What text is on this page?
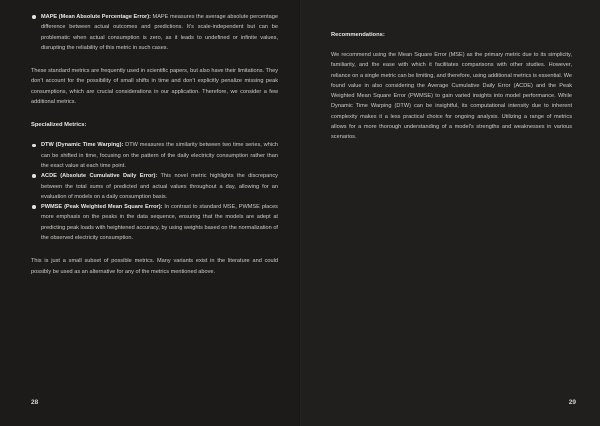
MAPE (Mean Absolute Percentage Error): MAPE measures the average absolute percentage difference between actual outcomes and predictions. It’s scale-independent but can be problematic when actual consumption is zero, as it leads to undefined or infinite values, disrupting the reliability of this metric in such cases.

These standard metrics are frequently used in scientific papers, but also have their limitations. They don’t account for the possibility of small shifts in time and don’t explicitly penalize missing peak consumptions, which are crucial considerations in our application. Therefore, we consider a few additional metrics.

Specialized Metrics:
DTW (Dynamic Time Warping): DTW measures the similarity between two time series, which can be shifted in time, focusing on the pattern of the daily electricity consumption rather than the exact value at each time point.
ACDE (Absolute Cumulative Daily Error): This novel metric highlights the discrepancy between the total sums of predicted and actual values throughout a day, allowing for an evaluation of models on a daily consumption basis.
PWMSE (Peak Weighted Mean Square Error): In contrast to standard MSE, PWMSE places more emphasis on the peaks in the data sequence, ensuring that the models are adept at predicting peak loads with heightened accuracy, by using weights based on the normalization of the observed electricity consumption.

This is just a small subset of possible metrics. Many variants exist in the literature and could possibly be used as an alternative for any of the metrics mentioned above.

28
Recommendations:

We recommend using the Mean Square Error (MSE) as the primary metric due to its simplicity, familiarity, and the ease with which it facilitates comparisons with other studies. However, reliance on a single metric can be limiting, and therefore, using additional metrics is essential. We found value in also considering the Average Cumulative Daily Error (ACDE) and the Peak Weighted Mean Square Error (PWMSE) to gain varied insights into model performance. While Dynamic Time Warping (DTW) can be insightful, its computational intensity due to inherent complexity makes it a less practical choice for ongoing analysis. Utilizing a range of metrics allows for a more thorough understanding of a model’s strengths and weaknesses in various scenarios.

29
